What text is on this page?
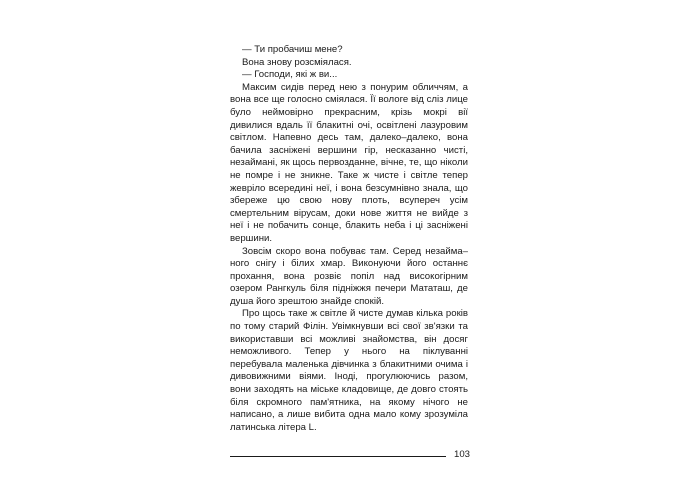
— Ти пробачиш мене?

Вона знову розсміялася.

— Господи, які ж ви...

Максим сидів перед нею з понурим обличчям, а вона все ще голосно сміялася. Її вологе від сліз лице було неймовірно прекрасним, крізь мокрі вії дивилися вдаль її блакитні очі, освітлені лазуровим світлом. Напевно десь там, далеко–далеко, вона бачила засніжені вершини гір, несказанно чисті, незаймані, як щось первозданне, вічне, те, що ніколи не помре і не зникне. Таке ж чисте і світле тепер жевріло всередині неї, і вона безсумнівно знала, що збереже цю свою нову плоть, всупереч усім смертельним вірусам, доки нове життя не вийде з неї і не побачить сонце, блакить неба і ці засніжені вершини.

Зовсім скоро вона побуває там. Серед незайма–ного снігу і білих хмар. Виконуючи його останнє прохання, вона розвіє попіл над високогірним озером Рангкуль біля підніжжя печери Мататаш, де душа його зрештою знайде спокій.

Про щось таке ж світле й чисте думав кілька років по тому старий Філін. Увімкнувши всі свої зв'язки та використавши всі можливі знайомства, він досяг неможливого. Тепер у нього на піклуванні перебувала маленька дівчинка з блакитними очима і дивовижними віями. Іноді, прогулюючись разом, вони заходять на міське кладовище, де довго стоять біля скромного пам'ятника, на якому нічого не написано, а лише вибита одна мало кому зрозуміла латинська літера L.

103
